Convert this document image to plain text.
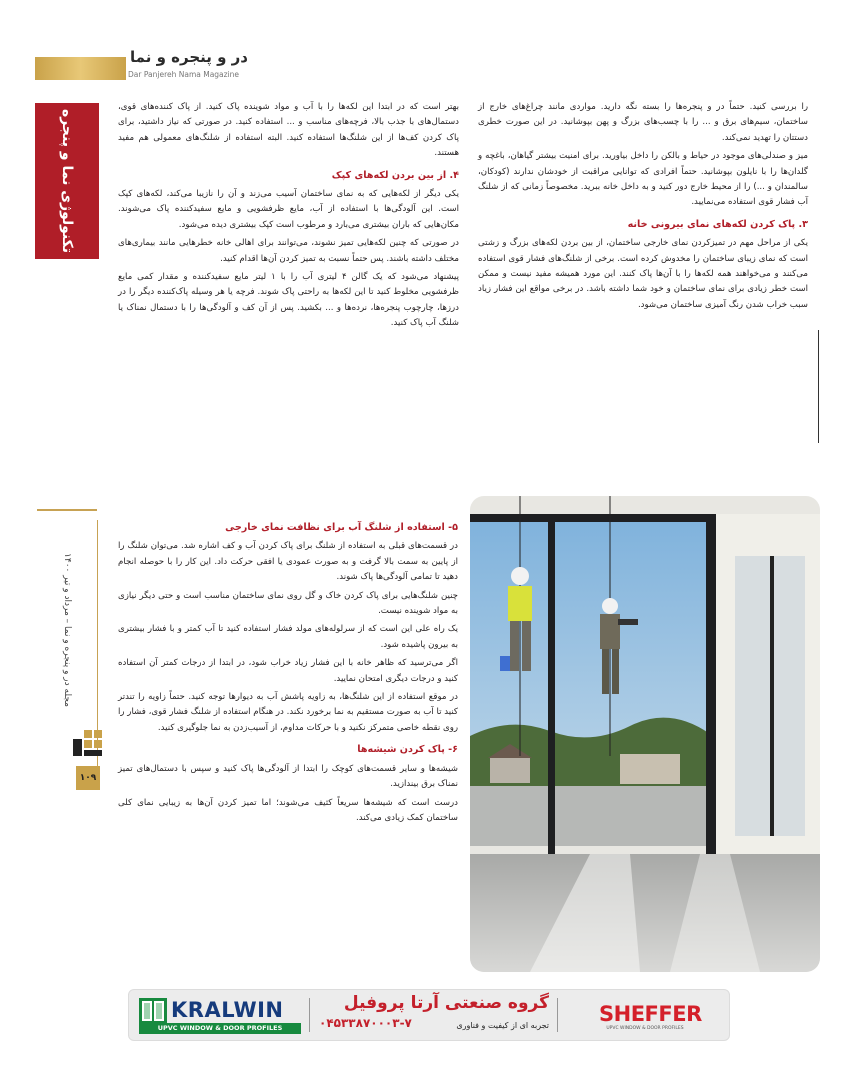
در و پنجره و نما
Dar Panjereh Nama Magazine
تکنولوژی نما و پنجره
مجله در و پنجره و نما – مرداد و تیر ۱۴۰۰
۱۰۹

را بررسی کنید. حتماً در و پنجره‌ها را بسته نگه دارید. مواردی مانند چراغ‌های خارج از ساختمان، سیم‌های برق و ... را با چسب‌های بزرگ و پهن بپوشانید. در این صورت خطری دستتان را تهدید نمی‌کند.

میز و صندلی‌های موجود در حیاط و بالکن را داخل بیاورید. برای امنیت بیشتر گیاهان، باغچه و گلدان‌ها را با نایلون بپوشانید. حتماً افرادی که توانایی مراقبت از خودشان ندارند (کودکان، سالمندان و ...) را از محیط خارج دور کنید و به داخل خانه ببرید. مخصوصاً زمانی که از شلنگ آب فشار قوی استفاده می‌نمایید.

۳. پاک کردن لکه‌های نمای بیرونی خانه

یکی از مراحل مهم در تمیزکردن نمای خارجی ساختمان، از بین بردن لکه‌های بزرگ و زشتی است که نمای زیبای ساختمان را مخدوش کرده است. برخی از شلنگ‌های فشار قوی استفاده می‌کنند و می‌خواهند همه لکه‌ها را با آن‌ها پاک کنند. این مورد همیشه مفید نیست و ممکن است خطر زیادی برای نمای ساختمان و خود شما داشته باشد. در برخی مواقع این فشار زیاد سبب خراب شدن رنگ آمیزی ساختمان می‌شود.

بهتر است که در ابتدا این لکه‌ها را با آب و مواد شوینده پاک کنید. از پاک کننده‌های قوی، دستمال‌های با جذب بالا، فرچه‌های مناسب و ... استفاده کنید. در صورتی که نیاز داشتید، برای پاک کردن کف‌ها از این شلنگ‌ها استفاده کنید. البته استفاده از شلنگ‌های معمولی هم مفید هستند.

۴. از بین بردن لکه‌های کپک

یکی دیگر از لکه‌هایی که به نمای ساختمان آسیب می‌زند و آن را نازیبا می‌کند، لکه‌های کپک است. این آلودگی‌ها با استفاده از آب، مایع ظرفشویی و مایع سفیدکننده پاک می‌شوند. مکان‌هایی که باران بیشتری می‌بارد و مرطوب است کپک بیشتری دیده می‌شود.

در صورتی که چنین لکه‌هایی تمیز نشوند، می‌توانند برای اهالی خانه خطرهایی مانند بیماری‌های مختلف داشته باشند. پس حتماً نسبت به تمیز کردن آن‌ها اقدام کنید.

پیشنهاد می‌شود که یک گالن ۴ لیتری آب را با ۱ لیتر مایع سفیدکننده و مقدار کمی مایع ظرفشویی مخلوط کنید تا این لکه‌ها به راحتی پاک شوند. فرچه یا هر وسیله پاک‌کننده دیگر را در درزها، چارچوب پنجره‌ها، نرده‌ها و ... بکشید. پس از آن کف و آلودگی‌ها را با دستمال نمناک یا شلنگ آب پاک کنید.

۵- استفاده از شلنگ آب برای نظافت نمای خارجی

در قسمت‌های قبلی به استفاده از شلنگ برای پاک کردن آب و کف اشاره شد. می‌توان شلنگ را از پایین به سمت بالا گرفت و به صورت عمودی یا افقی حرکت داد. این کار را با حوصله انجام دهید تا تمامی آلودگی‌ها پاک شوند.

چنین شلنگ‌هایی برای پاک کردن خاک و گل روی نمای ساختمان مناسب است و حتی دیگر نیازی به مواد شوینده نیست.

یک راه علی این است که از سرلوله‌های مولد فشار استفاده کنید تا آب کمتر و با فشار بیشتری به بیرون پاشیده شود.

اگر می‌ترسید که ظاهر خانه با این فشار زیاد خراب شود، در ابتدا از درجات کمتر آن استفاده کنید و درجات دیگری امتحان نمایید.

در موقع استفاده از این شلنگ‌ها، به زاویه پاشش آب به دیوارها توجه کنید. حتماً زاویه را تندتر کنید تا آب به صورت مستقیم به نما برخورد نکند. در هنگام استفاده از شلنگ فشار قوی، فشار را روی نقطه خاصی متمرکز نکنید و با حرکات مداوم، از آسیب‌زدن به نما جلوگیری کنید.

۶- پاک کردن شیشه‌ها

شیشه‌ها و سایر قسمت‌های کوچک را ابتدا از آلودگی‌ها پاک کنید و سپس با دستمال‌های تمیز نمناک برق بیندازید.

درست است که شیشه‌ها سریعاً کثیف می‌شوند؛ اما تمیز کردن آن‌ها به زیبایی نمای کلی ساختمان کمک زیادی می‌کند.

KRALWIN
UPVC WINDOW & DOOR PROFILES
گروه صنعتی آرتا پروفیل
۰۴۵۳۳۸۷۰۰۰۳-۷	تجربه ای از کیفیت و فناوری SHEFFER
UPVC WINDOW & DOOR PROFILES
